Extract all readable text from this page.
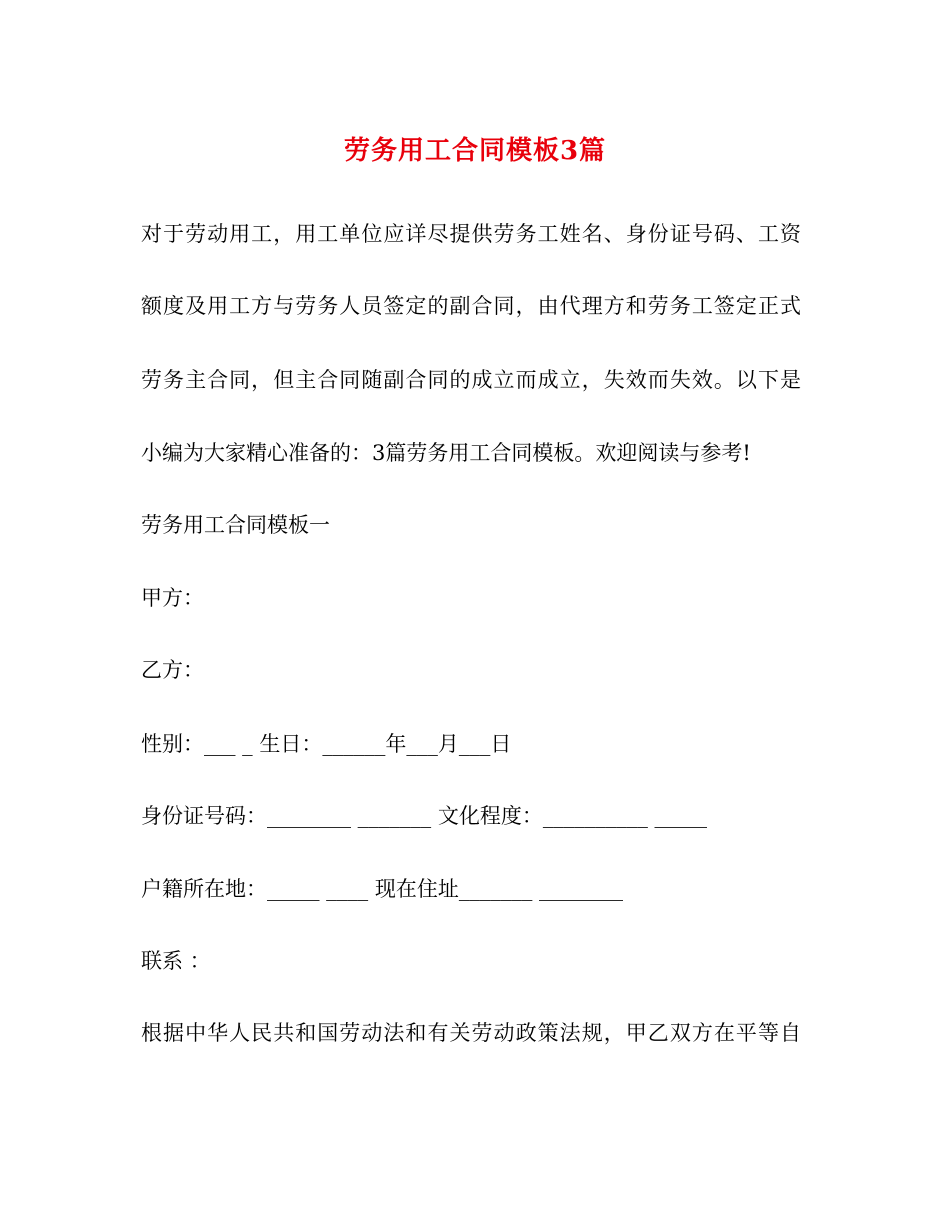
劳务用工合同模板3篇
对于劳动用工，用工单位应详尽提供劳务工姓名、身份证号码、工资
额度及用工方与劳务人员签定的副合同，由代理方和劳务工签定正式
劳务主合同，但主合同随副合同的成立而成立，失效而失效。以下是
小编为大家精心准备的：3篇劳务用工合同模板。欢迎阅读与参考!
劳务用工合同模板一
甲方：
乙方：
性别：___ _ 生日：______年___月___日
身份证号码：________ _______ 文化程度：__________ _____
户籍所在地：_____ ____ 现在住址_______ ________
联系 ：
根据中华人民共和国劳动法和有关劳动政策法规，甲乙双方在平等自
